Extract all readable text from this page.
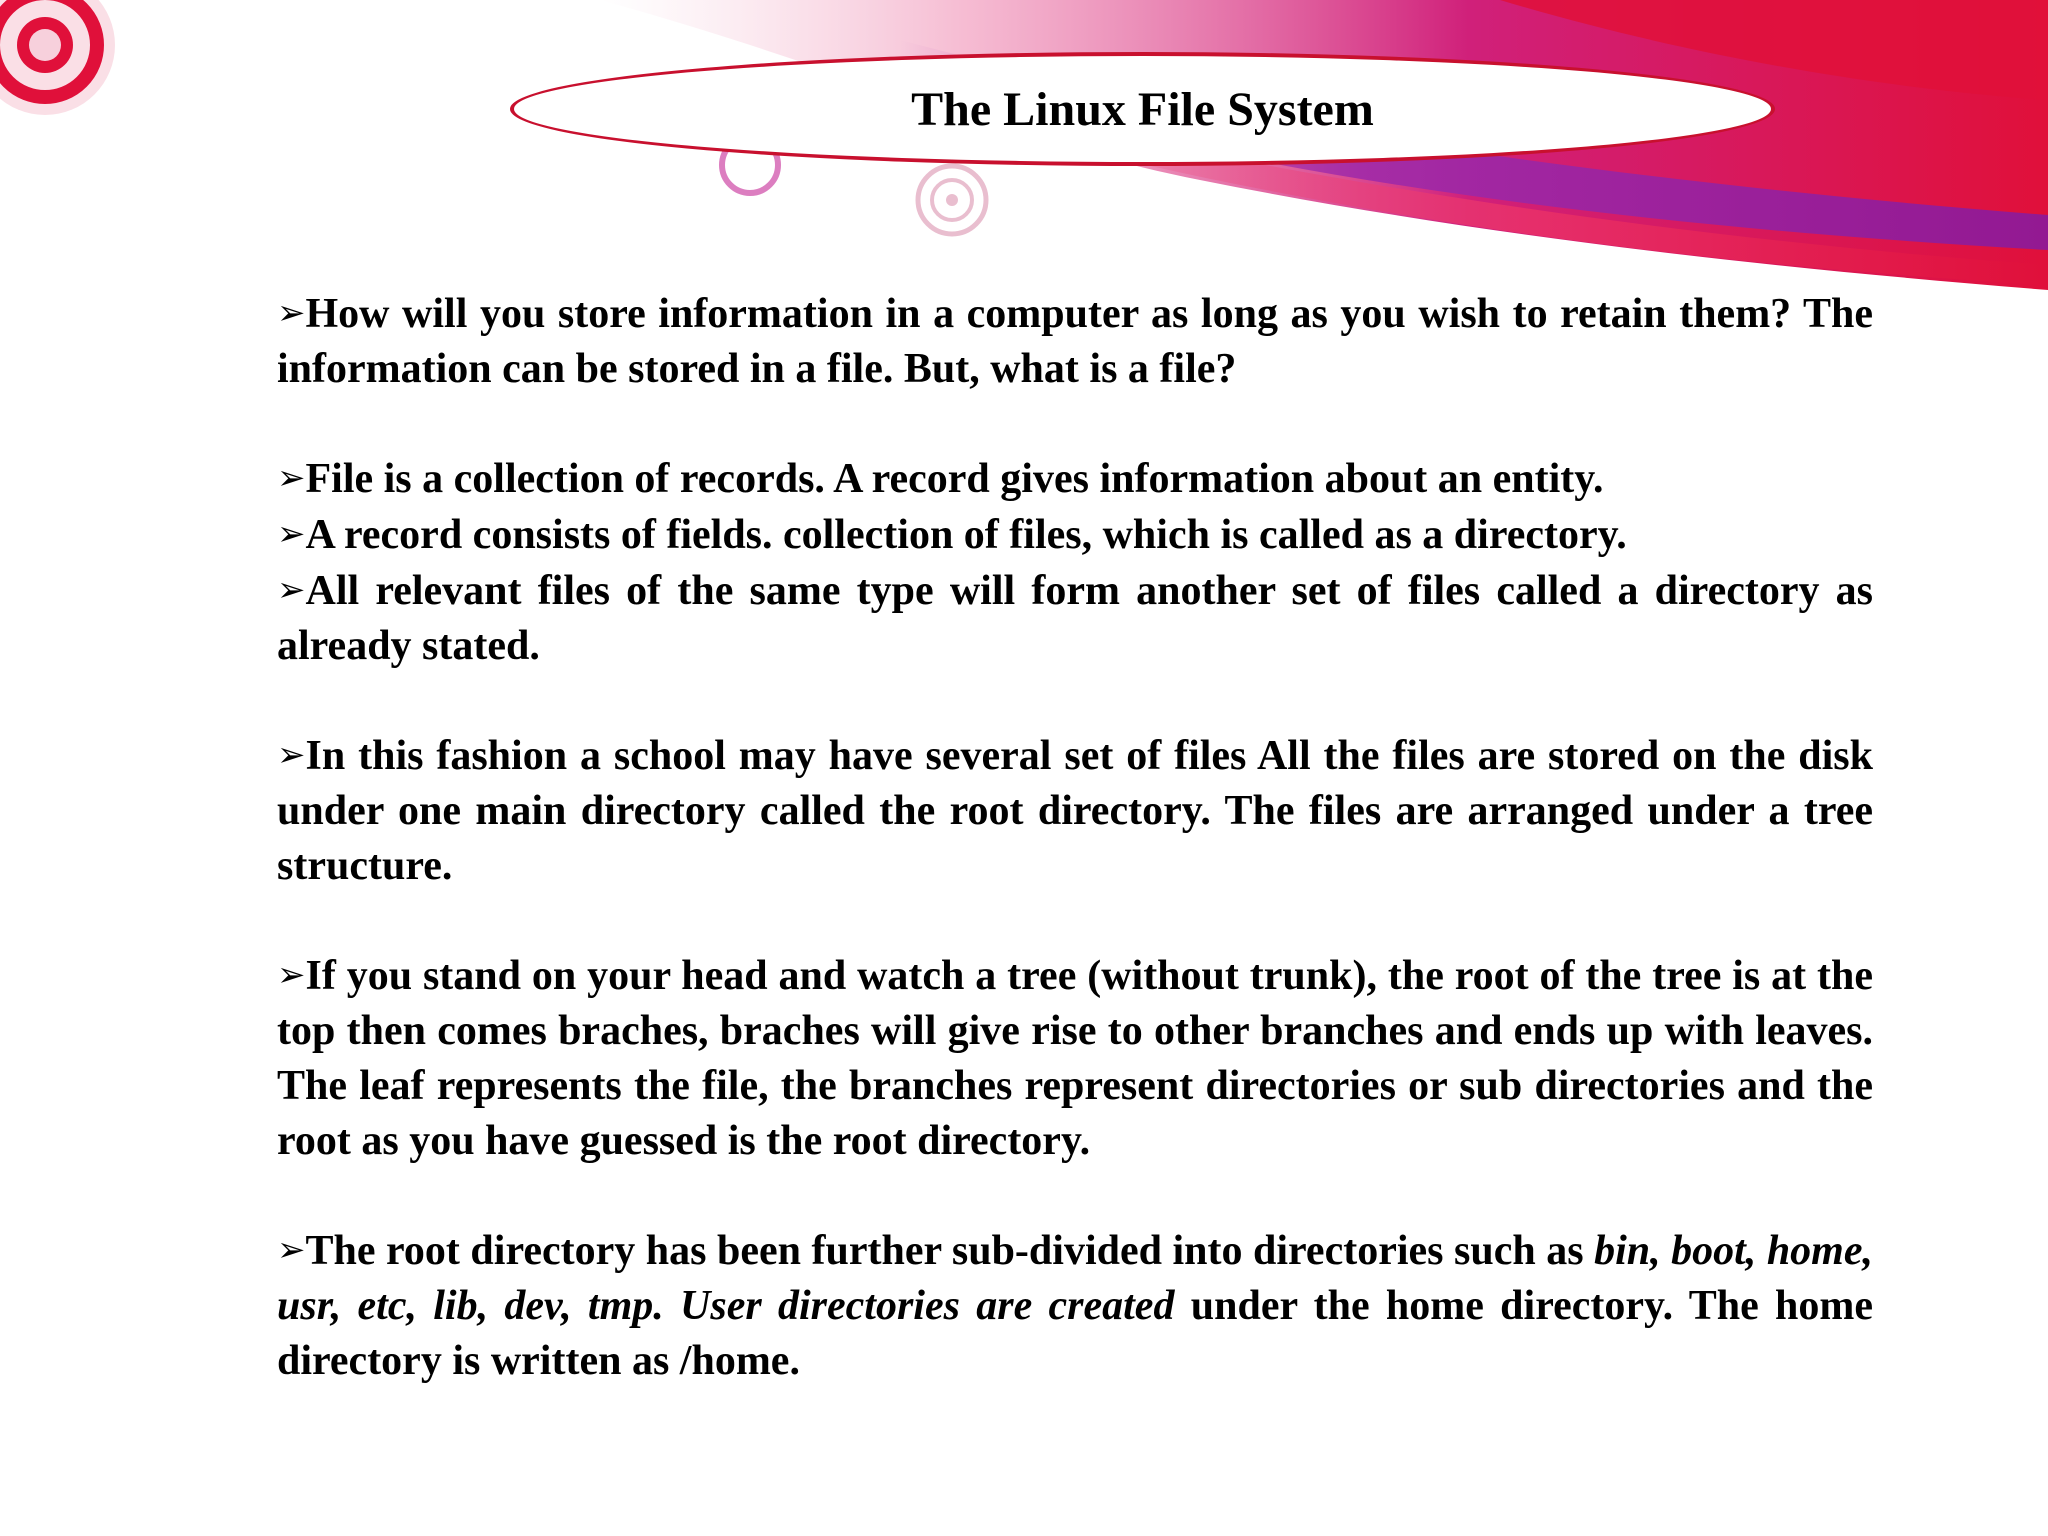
The Linux File System

➢How will you store information in a computer as long as you wish to retain them? The information can be stored in a file. But, what is a file?

➢File is a collection of records. A record gives information about an entity.

➢A record consists of fields. collection of files, which is called as a directory.

➢All relevant files of the same type will form another set of files called a directory as already stated.

➢In this fashion a school may have several set of files All the files are stored on the disk under one main directory called the root directory. The files are arranged under a tree structure.

➢If you stand on your head and watch a tree (without trunk), the root of the tree is at the top then comes braches, braches will give rise to other branches and ends up with leaves. The leaf represents the file, the branches represent directories or sub directories and the root as you have guessed is the root directory.

➢The root directory has been further sub-divided into directories such as bin, boot, home, usr, etc, lib, dev, tmp. User directories are created under the home directory. The home directory is written as /home.
